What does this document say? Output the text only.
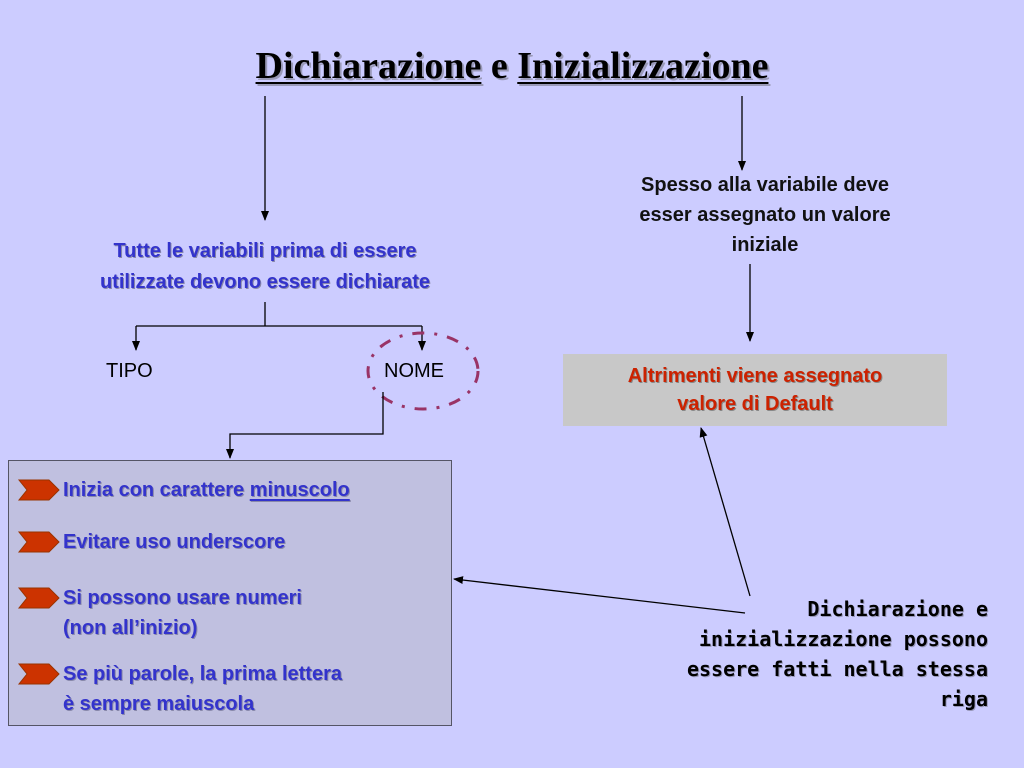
Dichiarazione e Inizializzazione
Tutte le variabili prima di essere
utilizzate devono essere dichiarate
Spesso alla variabile deve
esser assegnato un valore
iniziale
TIPO	NOME	Altrimenti viene assegnato
valore di Default
Inizia con carattere minuscolo
Evitare uso underscore
Si possono usare numeri
(non all’inizio)
Se più parole, la prima lettera
è sempre maiuscola
Dichiarazione e
inizializzazione possono
essere fatti nella stessa
riga
